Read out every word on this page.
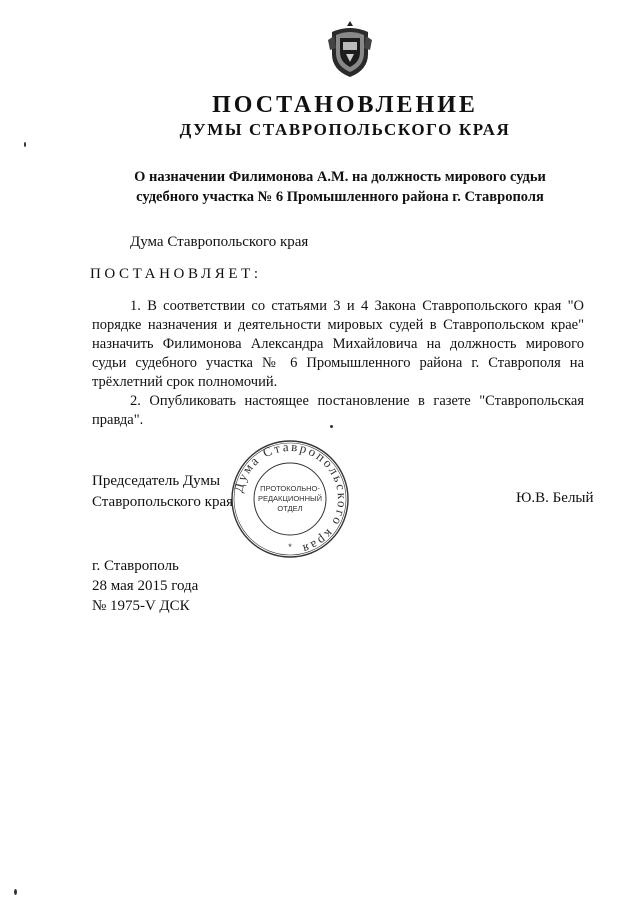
ПОСТАНОВЛЕНИЕ
ДУМЫ СТАВРОПОЛЬСКОГО КРАЯ
О назначении Филимонова А.М. на должность мирового судьи
судебного участка № 6 Промышленного района г. Ставрополя
Дума Ставропольского края
ПОСТАНОВЛЯЕТ:

1. В соответствии со статьями 3 и 4 Закона Ставропольского края "О порядке назначения и деятельности мировых судей в Ставропольском крае" назначить Филимонова Александра Михайловича на должность мирового судьи судебного участка № 6 Промышленного района г. Ставрополя на трёхлетний срок полномочий.

2. Опубликовать настоящее постановление в газете "Ставропольская правда".

Председатель Думы
Ставропольского края	Ю.В. Белый
Дума Ставропольского края
ПРОТОКОЛЬНО-
РЕДАКЦИОННЫЙ
ОТДЕЛ
*
г. Ставрополь
28 мая 2015 года
№ 1975-V ДСК
